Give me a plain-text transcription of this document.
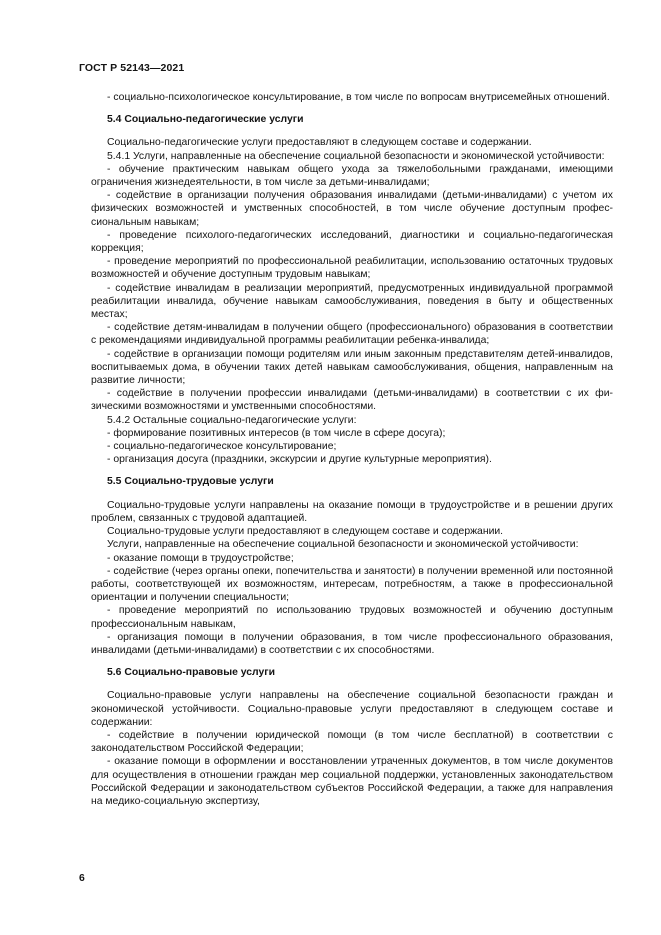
ГОСТ Р 52143—2021

- социально-психологическое консультирование, в том числе по вопросам внутрисемейных отношений.

5.4 Социально-педагогические услуги

Социально-педагогические услуги предоставляют в следующем составе и содержании.

5.4.1 Услуги, направленные на обеспечение социальной безопасности и экономической устойчивости:

- обучение практическим навыкам общего ухода за тяжелобольными гражданами, имеющими ограничения жизнедеятельности, в том числе за детьми-инвалидами;

- содействие в организации получения образования инвалидами (детьми-инвалидами) с учетом их физических возможностей и умственных способностей, в том числе обучение доступным профессиональным навыкам;

- проведение психолого-педагогических исследований, диагностики и социально-педагогическая коррекция;

- проведение мероприятий по профессиональной реабилитации, использованию остаточных трудовых возможностей и обучение доступным трудовым навыкам;

- содействие инвалидам в реализации мероприятий, предусмотренных индивидуальной программой реабилитации инвалида, обучение навыкам самообслуживания, поведения в быту и общественных местах;

- содействие детям-инвалидам в получении общего (профессионального) образования в соответствии с рекомендациями индивидуальной программы реабилитации ребенка-инвалида;

- содействие в организации помощи родителям или иным законным представителям детей-инвалидов, воспитываемых дома, в обучении таких детей навыкам самообслуживания, общения, направленным на развитие личности;

- содействие в получении профессии инвалидами (детьми-инвалидами) в соответствии с их физическими возможностями и умственными способностями.

5.4.2 Остальные социально-педагогические услуги:

- формирование позитивных интересов (в том числе в сфере досуга);

- социально-педагогическое консультирование;

- организация досуга (праздники, экскурсии и другие культурные мероприятия).

5.5 Социально-трудовые услуги

Социально-трудовые услуги направлены на оказание помощи в трудоустройстве и в решении других проблем, связанных с трудовой адаптацией.

Социально-трудовые услуги предоставляют в следующем составе и содержании.

Услуги, направленные на обеспечение социальной безопасности и экономической устойчивости:

- оказание помощи в трудоустройстве;

- содействие (через органы опеки, попечительства и занятости) в получении временной или постоянной работы, соответствующей их возможностям, интересам, потребностям, а также в профессиональной ориентации и получении специальности;

- проведение мероприятий по использованию трудовых возможностей и обучению доступным профессиональным навыкам,

- организация помощи в получении образования, в том числе профессионального образования, инвалидами (детьми-инвалидами) в соответствии с их способностями.

5.6 Социально-правовые услуги

Социально-правовые услуги направлены на обеспечение социальной безопасности граждан и экономической устойчивости. Социально-правовые услуги предоставляют в следующем составе и содержании:

- содействие в получении юридической помощи (в том числе бесплатной) в соответствии с законодательством Российской Федерации;

- оказание помощи в оформлении и восстановлении утраченных документов, в том числе документов для осуществления в отношении граждан мер социальной поддержки, установленных законодательством Российской Федерации и законодательством субъектов Российской Федерации, а также для направления на медико-социальную экспертизу,

6
